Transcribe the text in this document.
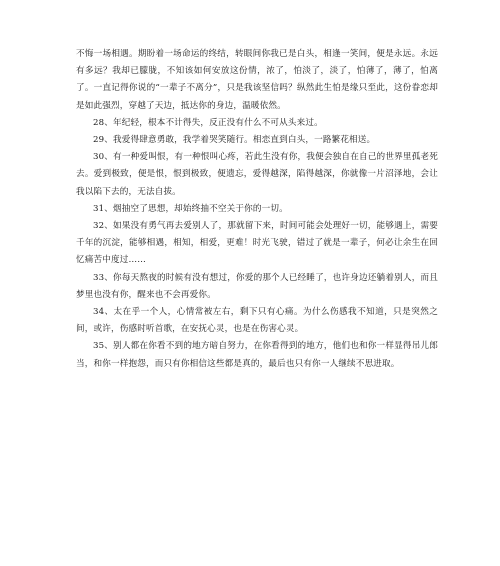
不悔一场相遇。期盼着一场命运的终结，转眼间你我已是白头，相逢一笑间，便是永远。永远有多远？我却已朦胧，不知该如何安放这份情，浓了，怕淡了，淡了，怕薄了，薄了，怕离了。一直记得你说的“一辈子不离分”，只是我该坚信吗？纵然此生怕是缘只至此，这份眷恋却是如此强烈，穿越了天边，抵达你的身边，温暖依然。

28、年纪轻，根本不计得失，反正没有什么不可从头来过。

29、我爱得肆意勇敢，我学着哭笑随行。相恋直到白头，一路繁花相送。

30、有一种爱叫恨，有一种恨叫心疼，若此生没有你，我便会独自在自己的世界里孤老死去。爱到极致，便是恨，恨到极致，便遗忘，爱得越深，陷得越深，你就像一片沼泽地，会让我以陷下去的，无法自拔。

31、烟抽空了思想，却始终抽不空关于你的一切。

32、如果没有勇气再去爱别人了，那就留下来，时间可能会处理好一切，能够遇上，需要千年的沉淀，能够相遇，相知，相爱，更难！时光飞驶，错过了就是一辈子，何必让余生在回忆痛苦中度过……

33、你每天熬夜的时候有没有想过，你爱的那个人已经睡了，也许身边还躺着别人，而且梦里也没有你，醒来也不会再爱你。

34、太在乎一个人，心情常被左右，剩下只有心痛。为什么伤感我不知道，只是突然之间，或许，伤感时听首歌，在安抚心灵，也是在伤害心灵。

35、别人都在你看不到的地方暗自努力，在你看得到的地方，他们也和你一样显得吊儿郎当，和你一样抱怨，而只有你相信这些都是真的，最后也只有你一人继续不思进取。
